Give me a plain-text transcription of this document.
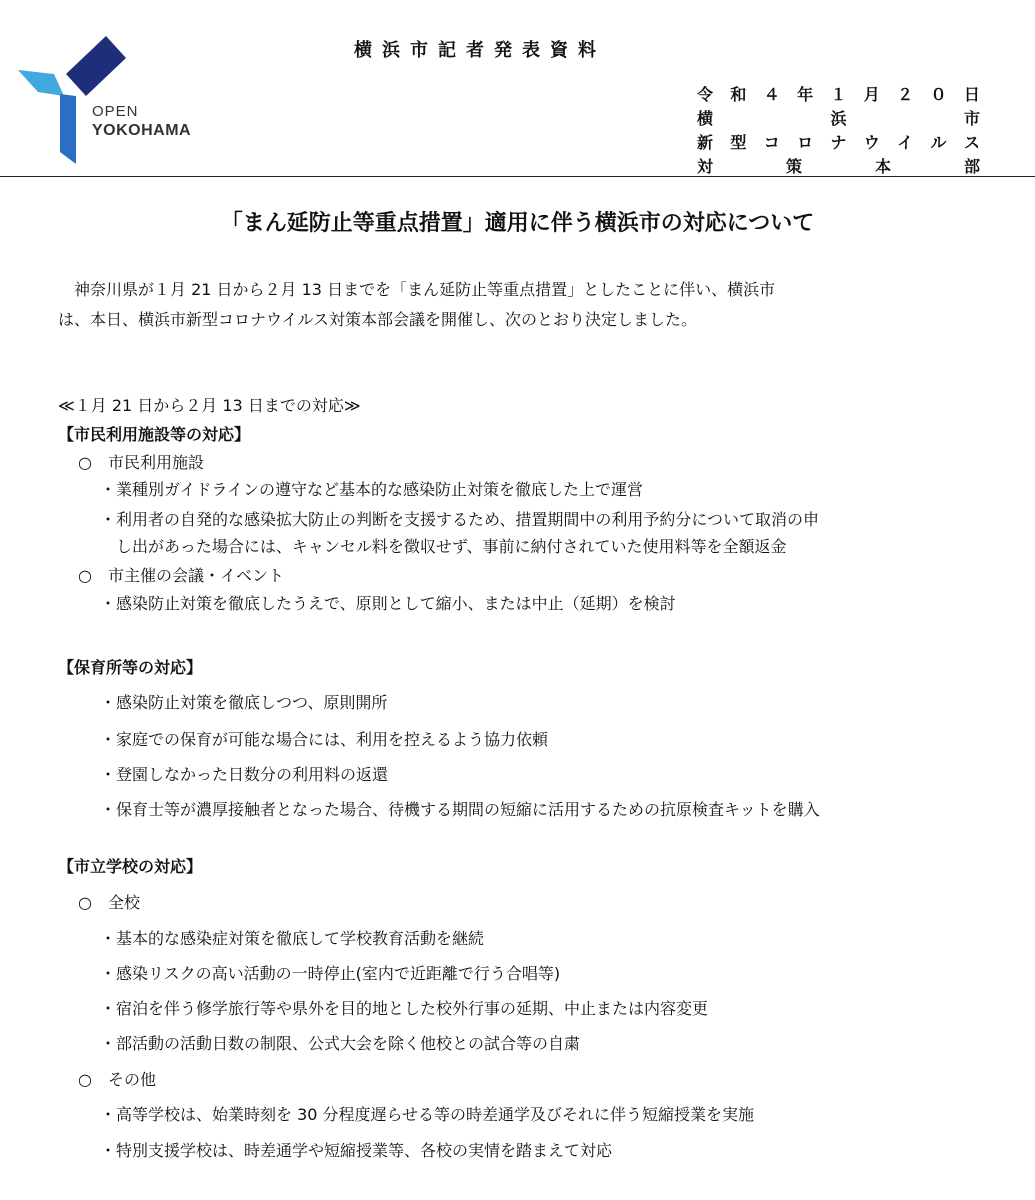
OPEN
YOKOHAMA
横浜市記者発表資料
令 和 ４ 年 １ 月 ２ ０ 日
横	浜	市
新 型 コ ロ ナ ウ イ ル ス
対	策	本	部
「まん延防止等重点措置」適用に伴う横浜市の対応について

　神奈川県が１月 21 日から２月 13 日までを「まん延防止等重点措置」としたことに伴い、横浜市

は、本日、横浜市新型コロナウイルス対策本部会議を開催し、次のとおり決定しました。

≪１月 21 日から２月 13 日までの対応≫
【市民利用施設等の対応】
○　市民利用施設
・業種別ガイドラインの遵守など基本的な感染防止対策を徹底した上で運営
・利用者の自発的な感染拡大防止の判断を支援するため、措置期間中の利用予約分について取消の申
　し出があった場合には、キャンセル料を徴収せず、事前に納付されていた使用料等を全額返金
○　市主催の会議・イベント
・感染防止対策を徹底したうえで、原則として縮小、または中止（延期）を検討
【保育所等の対応】
・感染防止対策を徹底しつつ、原則開所
・家庭での保育が可能な場合には、利用を控えるよう協力依頼
・登園しなかった日数分の利用料の返還
・保育士等が濃厚接触者となった場合、待機する期間の短縮に活用するための抗原検査キットを購入
【市立学校の対応】
○　全校
・基本的な感染症対策を徹底して学校教育活動を継続
・感染リスクの高い活動の一時停止(室内で近距離で行う合唱等)
・宿泊を伴う修学旅行等や県外を目的地とした校外行事の延期、中止または内容変更
・部活動の活動日数の制限、公式大会を除く他校との試合等の自粛
○　その他
・高等学校は、始業時刻を 30 分程度遅らせる等の時差通学及びそれに伴う短縮授業を実施
・特別支援学校は、時差通学や短縮授業等、各校の実情を踏まえて対応
